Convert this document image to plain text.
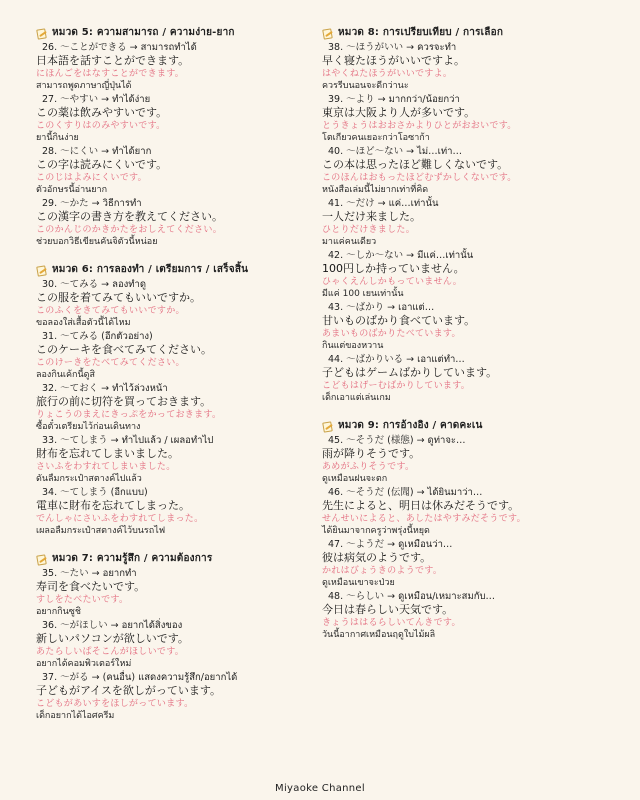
หมวด 5: ความสามารถ / ความง่าย-ยาก
26. ～ことができる → สามารถทำได้
日本語を話すことができます。
にほんごをはなすことができます。
สามารถพูดภาษาญี่ปุ่นได้
27. ～やすい → ทำได้ง่าย
この薬は飲みやすいです。
このくすりはのみやすいです。
ยานี้กินง่าย
28. ～にくい → ทำได้ยาก
この字は読みにくいです。
このじはよみにくいです。
ตัวอักษรนี้อ่านยาก
29. ～かた → วิธีการทำ
この漢字の書き方を教えてください。
このかんじのかきかたをおしえてください。
ช่วยบอกวิธีเขียนคันจิตัวนี้หน่อย
หมวด 6: การลองทำ / เตรียมการ / เสร็จสิ้น
30. ～てみる → ลองทำดู
この服を着てみてもいいですか。
このふくをきてみてもいいですか。
ขอลองใส่เสื้อตัวนี้ได้ไหม
31. ～てみる (อีกตัวอย่าง)
このケーキを食べてみてください。
このけーきをたべてみてください。
ลองกินเค้กนี้ดูสิ
32. ～ておく → ทำไว้ล่วงหน้า
旅行の前に切符を買っておきます。
りょこうのまえにきっぷをかっておきます。
ซื้อตั๋วเตรียมไว้ก่อนเดินทาง
33. ～てしまう → ทำไปแล้ว / เผลอทำไป
財布を忘れてしまいました。
さいふをわすれてしまいました。
ดันลืมกระเป๋าสตางค์ไปแล้ว
34. ～てしまう (อีกแบบ)
電車に財布を忘れてしまった。
でんしゃにさいふをわすれてしまった。
เผลอลืมกระเป๋าสตางค์ไว้บนรถไฟ
หมวด 7: ความรู้สึก / ความต้องการ
35. ～たい → อยากทำ
寿司を食べたいです。
すしをたべたいです。
อยากกินซูชิ
36. ～がほしい → อยากได้สิ่งของ
新しいパソコンが欲しいです。
あたらしいぱそこんがほしいです。
อยากได้คอมพิวเตอร์ใหม่
37. ～がる → (คนอื่น) แสดงความรู้สึก/อยากได้
子どもがアイスを欲しがっています。
こどもがあいすをほしがっています。
เด็กอยากได้ไอศครีม
หมวด 8: การเปรียบเทียบ / การเลือก
38. ～ほうがいい → ควรจะทำ
早く寝たほうがいいですよ。
はやくねたほうがいいですよ。
ควรรีบนอนจะดีกว่านะ
39. ～より → มากกว่า/น้อยกว่า
東京は大阪より人が多いです。
とうきょうはおおさかよりひとがおおいです。
โตเกียวคนเยอะกว่าโอซาก้า
40. ～ほど～ない → ไม่…เท่า…
この本は思ったほど難しくないです。
このほんはおもったほどむずかしくないです。
หนังสือเล่มนี้ไม่ยากเท่าที่คิด
41. ～だけ → แค่…เท่านั้น
一人だけ来ました。
ひとりだけきました。
มาแค่คนเดียว
42. ～しか～ない → มีแค่…เท่านั้น
100円しか持っていません。
ひゃくえんしかもっていません。
มีแค่ 100 เยนเท่านั้น
43. ～ばかり → เอาแต่…
甘いものばかり食べています。
あまいものばかりたべています。
กินแต่ของหวาน
44. ～ばかりいる → เอาแต่ทำ…
子どもはゲームばかりしています。
こどもはげーむばかりしています。
เด็กเอาแต่เล่นเกม
หมวด 9: การอ้างอิง / คาดคะเน
45. ～そうだ (様態) → ดูท่าจะ…
雨が降りそうです。
あめがふりそうです。
ดูเหมือนฝนจะตก
46. ～そうだ (伝聞) → ได้ยินมาว่า…
先生によると、明日は休みだそうです。
せんせいによると、あしたはやすみだそうです。
ได้ยินมาจากครูว่าพรุ่งนี้หยุด
47. ～ようだ → ดูเหมือนว่า…
彼は病気のようです。
かれはびょうきのようです。
ดูเหมือนเขาจะป่วย
48. ～らしい → ดูเหมือน/เหมาะสมกับ…
今日は春らしい天気です。
きょうははるらしいてんきです。
วันนี้อากาศเหมือนฤดูใบไม้ผลิ
Miyaoke Channel
